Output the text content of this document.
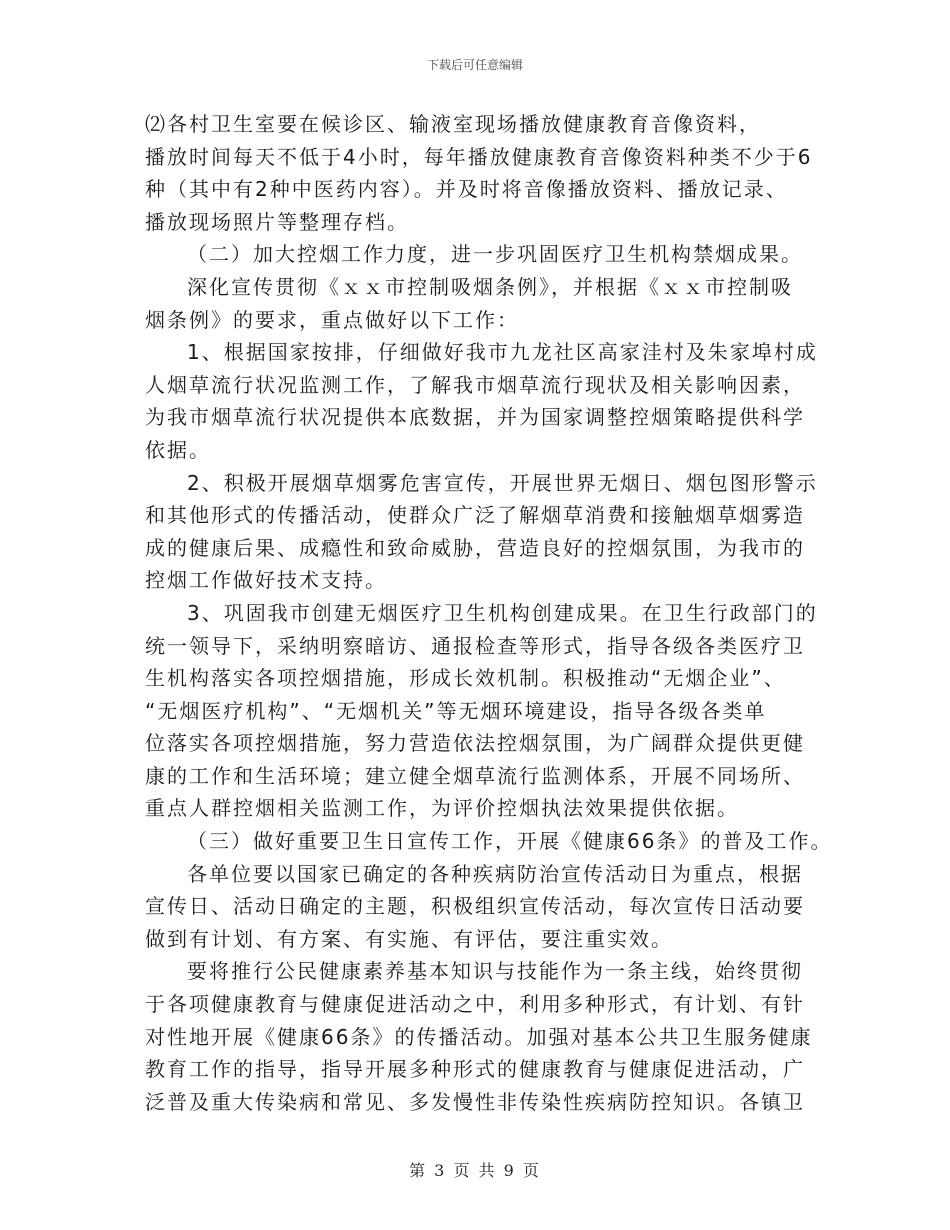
下载后可任意编辑
⑵各村卫生室要在候诊区、输液室现场播放健康教育音像资料，
播放时间每天不低于4小时，每年播放健康教育音像资料种类不少于6
种（其中有2种中医药内容）。并及时将音像播放资料、播放记录、
播放现场照片等整理存档。
（二）加大控烟工作力度，进一步巩固医疗卫生机构禁烟成果。
深化宣传贯彻《ｘｘ市控制吸烟条例》，并根据《ｘｘ市控制吸
烟条例》的要求，重点做好以下工作：
1、根据国家按排，仔细做好我市九龙社区高家洼村及朱家埠村成
人烟草流行状况监测工作，了解我市烟草流行现状及相关影响因素，
为我市烟草流行状况提供本底数据，并为国家调整控烟策略提供科学
依据。
2、积极开展烟草烟雾危害宣传，开展世界无烟日、烟包图形警示
和其他形式的传播活动，使群众广泛了解烟草消费和接触烟草烟雾造
成的健康后果、成瘾性和致命威胁，营造良好的控烟氛围，为我市的
控烟工作做好技术支持。
3、巩固我市创建无烟医疗卫生机构创建成果。在卫生行政部门的
统一领导下，采纳明察暗访、通报检查等形式，指导各级各类医疗卫
生机构落实各项控烟措施，形成长效机制。积极推动“无烟企业”、
“无烟医疗机构”、“无烟机关”等无烟环境建设，指导各级各类单
位落实各项控烟措施，努力营造依法控烟氛围，为广阔群众提供更健
康的工作和生活环境；建立健全烟草流行监测体系，开展不同场所、
重点人群控烟相关监测工作，为评价控烟执法效果提供依据。
（三）做好重要卫生日宣传工作，开展《健康66条》的普及工作。
各单位要以国家已确定的各种疾病防治宣传活动日为重点，根据
宣传日、活动日确定的主题，积极组织宣传活动，每次宣传日活动要
做到有计划、有方案、有实施、有评估，要注重实效。
要将推行公民健康素养基本知识与技能作为一条主线，始终贯彻
于各项健康教育与健康促进活动之中，利用多种形式，有计划、有针
对性地开展《健康66条》的传播活动。加强对基本公共卫生服务健康
教育工作的指导，指导开展多种形式的健康教育与健康促进活动，广
泛普及重大传染病和常见、多发慢性非传染性疾病防控知识。各镇卫
第 3 页 共 9 页
